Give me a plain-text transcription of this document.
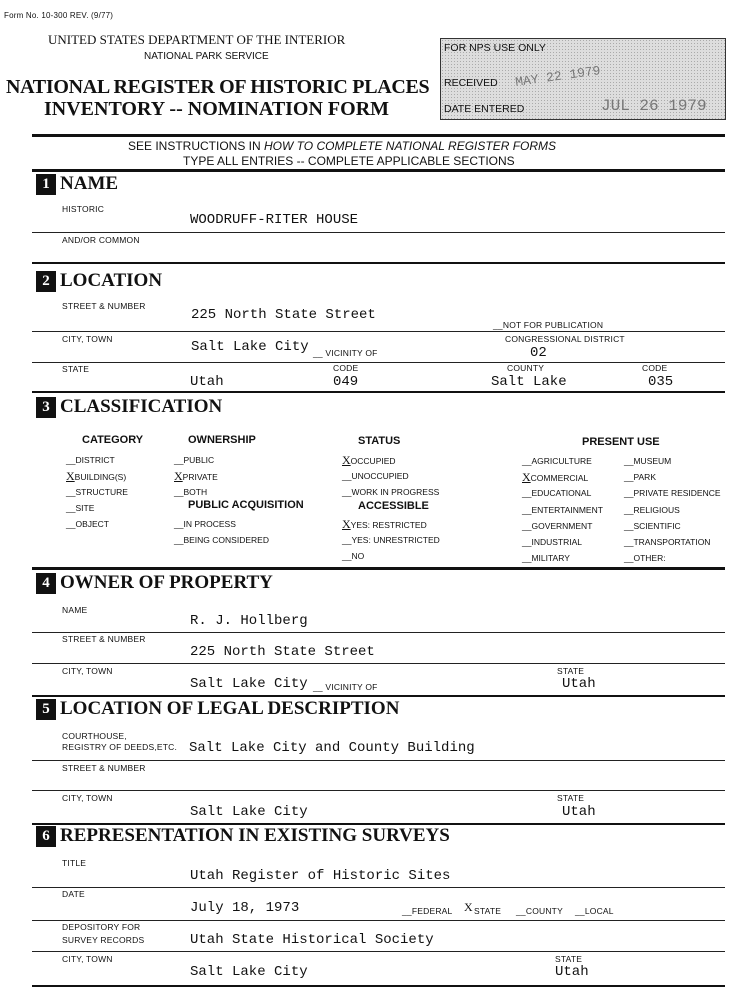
Form No. 10-300 REV. (9/77)
UNITED STATES DEPARTMENT OF THE INTERIOR
NATIONAL PARK SERVICE
NATIONAL REGISTER OF HISTORIC PLACES
INVENTORY -- NOMINATION FORM
FOR NPS USE ONLY
RECEIVED MAY 22 1979
DATE ENTERED	JUL 26 1979
SEE INSTRUCTIONS IN HOW TO COMPLETE NATIONAL REGISTER FORMS
TYPE ALL ENTRIES -- COMPLETE APPLICABLE SECTIONS
1 NAME
HISTORIC
WOODRUFF-RITER HOUSE
AND/OR COMMON
2 LOCATION
STREET & NUMBER
225 North State Street
__NOT FOR PUBLICATION
CITY, TOWN	CONGRESSIONAL DISTRICT
Salt Lake City __ VICINITY OF	02
STATE	CODE	COUNTY	CODE
Utah	049	Salt Lake	035
3 CLASSIFICATION
CATEGORY	OWNERSHIP	STATUS	PRESENT USE
PUBLIC ACQUISITION	ACCESSIBLE
__DISTRICT
XBUILDING(S)
__STRUCTURE
__SITE
__OBJECT
__PUBLIC
XPRIVATE
__BOTH
__IN PROCESS
__BEING CONSIDERED
XOCCUPIED
__UNOCCUPIED
__WORK IN PROGRESS
XYES: RESTRICTED
__YES: UNRESTRICTED
__NO
__AGRICULTURE
XCOMMERCIAL
__EDUCATIONAL
__ENTERTAINMENT
__GOVERNMENT
__INDUSTRIAL
__MILITARY
__MUSEUM
__PARK
__PRIVATE RESIDENCE
__RELIGIOUS
__SCIENTIFIC
__TRANSPORTATION
__OTHER:
4 OWNER OF PROPERTY
NAME
R. J. Hollberg
STREET & NUMBER
225 North State Street
CITY, TOWN	STATE
Salt Lake City __ VICINITY OF	Utah
5 LOCATION OF LEGAL DESCRIPTION
COURTHOUSE,
REGISTRY OF DEEDS,ETC. Salt Lake City and County Building
STREET & NUMBER
CITY, TOWN	STATE
Salt Lake City	Utah
6 REPRESENTATION IN EXISTING SURVEYS
TITLE
Utah Register of Historic Sites
DATE
July 18, 1973	__FEDERAL X STATE __COUNTY __LOCAL
DEPOSITORY FOR
SURVEY RECORDS	Utah State Historical Society
CITY, TOWN	STATE
Salt Lake City	Utah
